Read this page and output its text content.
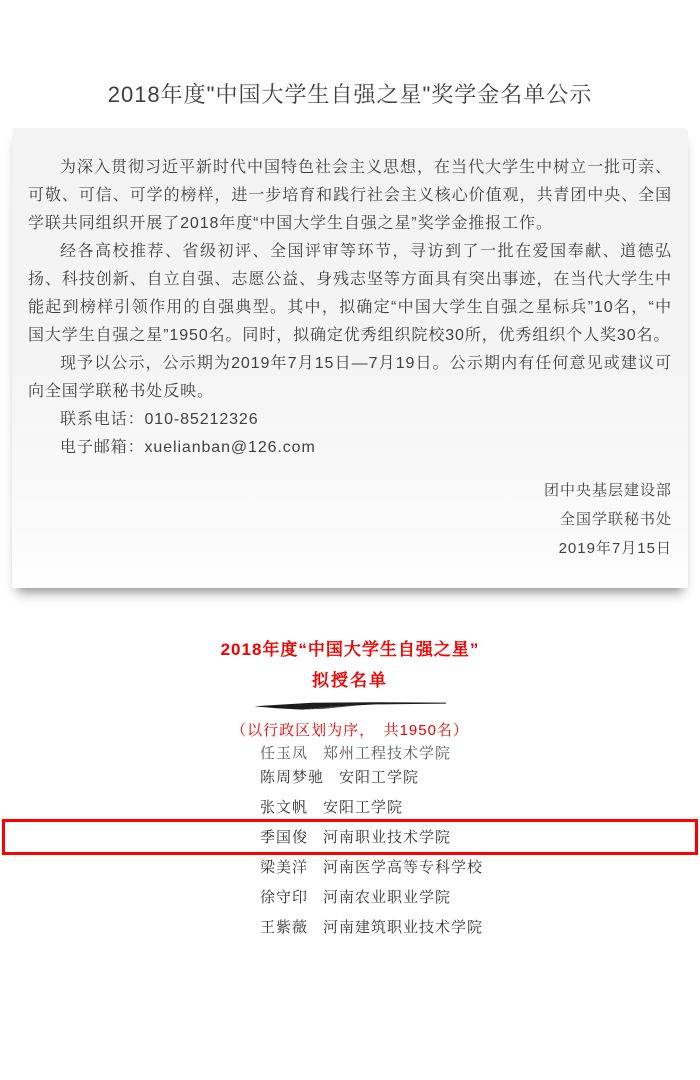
2018年度"中国大学生自强之星"奖学金名单公示

为深入贯彻习近平新时代中国特色社会主义思想，在当代大学生中树立一批可亲、可敬、可信、可学的榜样，进一步培育和践行社会主义核心价值观，共青团中央、全国学联共同组织开展了2018年度“中国大学生自强之星”奖学金推报工作。

经各高校推荐、省级初评、全国评审等环节，寻访到了一批在爱国奉献、道德弘扬、科技创新、自立自强、志愿公益、身残志坚等方面具有突出事迹，在当代大学生中能起到榜样引领作用的自强典型。其中，拟确定“中国大学生自强之星标兵”10名，“中国大学生自强之星”1950名。同时，拟确定优秀组织院校30所，优秀组织个人奖30名。

现予以公示，公示期为2019年7月15日—7月19日。公示期内有任何意见或建议可向全国学联秘书处反映。

联系电话：010-85212326

电子邮箱：xuelianban@126.com

团中央基层建设部
全国学联秘书处
2019年7月15日
2018年度“中国大学生自强之星”
拟授名单
（以行政区划为序，　共1950名）
任玉凤 郑州工程技术学院
陈周梦驰 安阳工学院
张文帆 安阳工学院
季国俊 河南职业技术学院
梁美洋 河南医学高等专科学校
徐守印 河南农业职业学院
王紫薇 河南建筑职业技术学院
